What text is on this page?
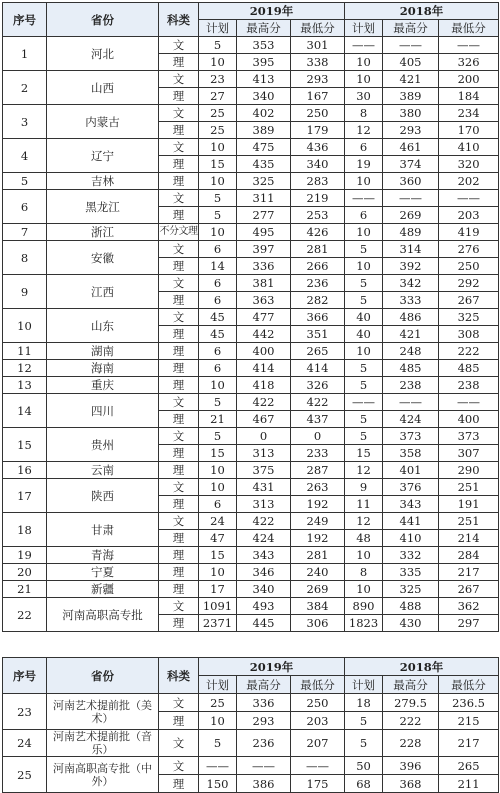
序号	省份	科类	2019年			2018年		
			计划	最高分	最低分	计划	最高分	最低分
1	河北	文	5	353	301	——	——	——
		理	10	395	338	10	405	326
2	山西	文	23	413	293	10	421	200
		理	27	340	167	30	389	184
3	内蒙古	文	25	402	250	8	380	234
		理	25	389	179	12	293	170
4	辽宁	文	10	475	436	6	461	410
		理	15	435	340	19	374	320
5	吉林	理	10	325	283	10	360	202
6	黑龙江	文	5	311	219	——	——	——
		理	5	277	253	6	269	203
7	浙江	不分文理	10	495	426	10	489	419
8	安徽	文	6	397	281	5	314	276
		理	14	336	266	10	392	250
9	江西	文	6	381	236	5	342	292
		理	6	363	282	5	333	267
10	山东	文	45	477	366	40	486	325
		理	45	442	351	40	421	308
11	湖南	理	6	400	265	10	248	222
12	海南	理	6	414	414	5	485	485
13	重庆	理	10	418	326	5	238	238
14	四川	文	5	422	422	——	——	——
		理	21	467	437	5	424	400
15	贵州	文	5	0	0	5	373	373
		理	15	313	233	15	358	307
16	云南	理	10	375	287	12	401	290
17	陕西	文	10	431	263	9	376	251
		理	6	313	192	11	343	191
18	甘肃	文	24	422	249	12	441	251
		理	47	424	192	48	410	214
19	青海	理	15	343	281	10	332	284
20	宁夏	理	10	346	240	8	335	217
21	新疆	理	17	340	269	10	325	267
22	河南高职高专批	文	1091	493	384	890	488	362
		理	2371	445	306	1823	430	297
序号	省份	科类	2019年			2018年		
			计划	最高分	最低分	计划	最高分	最低分
23	河南艺术提前批（美术）	文	25	336	250	18	279.5	236.5
		理	10	293	203	5	222	215
24	河南艺术提前批（音乐）	文	5	236	207	5	228	217
25	河南高职高专批（中外）	文	——	——	——	50	396	265
		理	150	386	175	68	368	211
